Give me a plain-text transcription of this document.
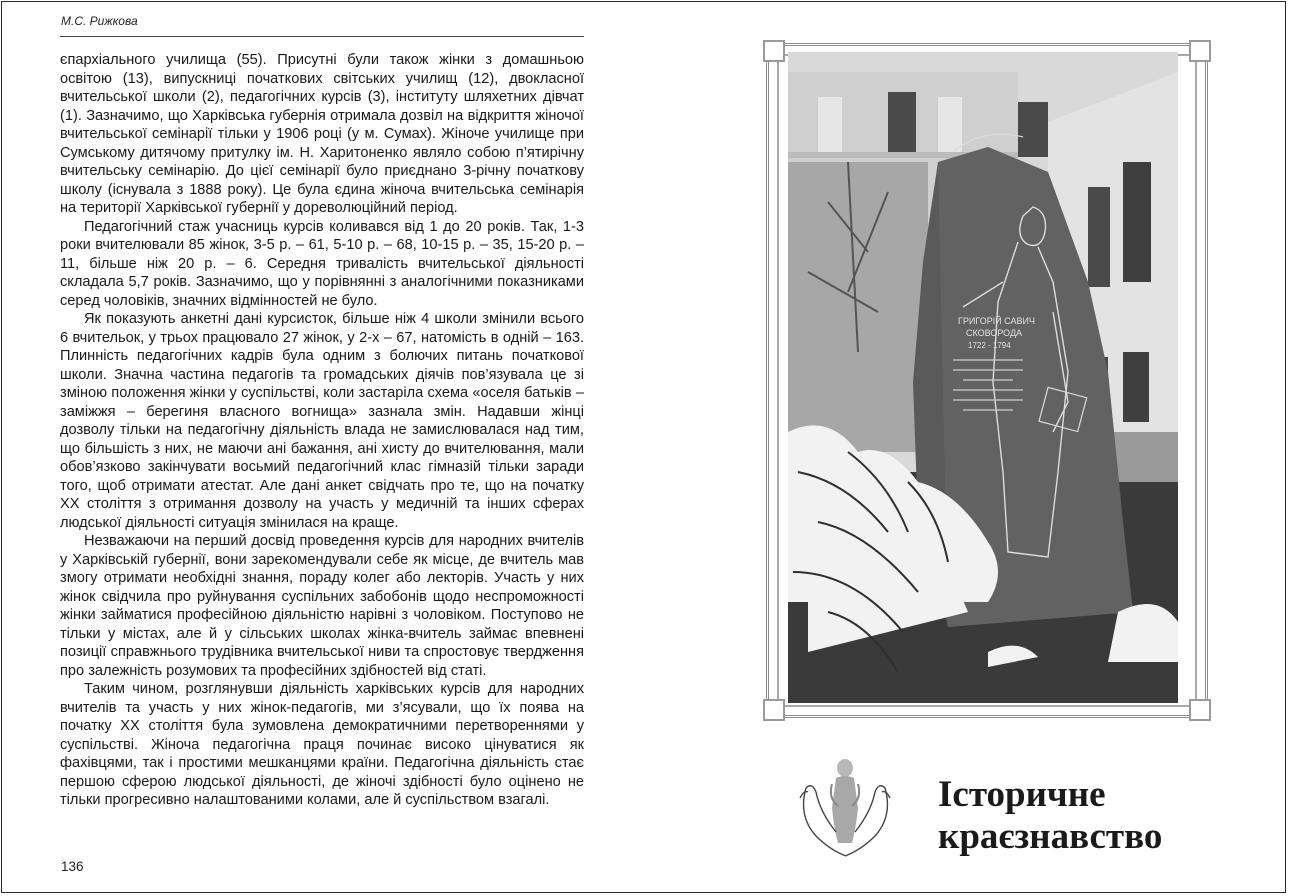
М.С. Рижкова

єпархіального училища (55). Присутні були також жінки з домашньою освітою (13), випускниці початкових світських училищ (12), двокласної вчительської школи (2), педагогічних курсів (3), інституту шляхетних дівчат (1). Зазначимо, що Харківська губернія отримала дозвіл на відкриття жіночої вчительської семінарії тільки у 1906 році (у м. Сумах). Жіноче училище при Сумському дитячому притулку ім. Н. Харитоненко являло собою п’ятирічну вчительську семінарію. До цієї семінарії було приєднано 3-річну початкову школу (існувала з 1888 року). Це була єдина жіноча вчительська семінарія на території Харківської губернії у дореволюційний період.

Педагогічний стаж учасниць курсів коливався від 1 до 20 років. Так, 1-3 роки вчителювали 85 жінок, 3-5 р. – 61, 5-10 р. – 68, 10-15 р. – 35, 15-20 р. – 11, більше ніж 20 р. – 6. Середня тривалість вчительської діяльності складала 5,7 років. Зазначимо, що у порівнянні з аналогічними показниками серед чоловіків, значних відмінностей не було.

Як показують анкетні дані курсисток, більше ніж 4 школи змінили всього 6 вчительок, у трьох працювало 27 жінок, у 2-х – 67, натомість в одній – 163. Плинність педагогічних кадрів була одним з болючих питань початкової школи. Значна частина педагогів та громадських діячів пов’язувала це зі зміною положення жінки у суспільстві, коли застаріла схема «оселя батьків – заміжжя – берегиня власного вогнища» зазнала змін. Надавши жінці дозволу тільки на педагогічну діяльність влада не замислювалася над тим, що більшість з них, не маючи ані бажання, ані хисту до вчителювання, мали обов’язково закінчувати восьмий педагогічний клас гімназій тільки заради того, щоб отримати атестат. Але дані анкет свідчать про те, що на початку ХХ століття з отримання дозволу на участь у медичній та інших сферах людської діяльності ситуація змінилася на краще.

Незважаючи на перший досвід проведення курсів для народних вчителів у Харківській губернії, вони зарекомендували себе як місце, де вчитель мав змогу отримати необхідні знання, пораду колег або лекторів. Участь у них жінок свідчила про руйнування суспільних забобонів щодо неспроможності жінки займатися професійною діяльністю нарівні з чоловіком. Поступово не тільки у містах, але й у сільських школах жінка-вчитель займає впевнені позиції справжнього трудівника вчительської ниви та спростовує твердження про залежність розумових та професійних здібностей від статі.

Таким чином, розглянувши діяльність харківських курсів для народних вчителів та участь у них жінок-педагогів, ми з’ясували, що їх поява на початку ХХ століття була зумовлена демократичними перетвореннями у суспільстві. Жіноча педагогічна праця починає високо цінуватися як фахівцями, так і простими мешканцями країни. Педагогічна діяльність стає першою сферою людської діяльності, де жіночі здібності було оцінено не тільки прогресивно налаштованими колами, але й суспільством взагалі.

136
ГРИГОРІЙ САВИЧ
СКОВОРОДА
1722 - 1794
Історичне
краєзнавство
